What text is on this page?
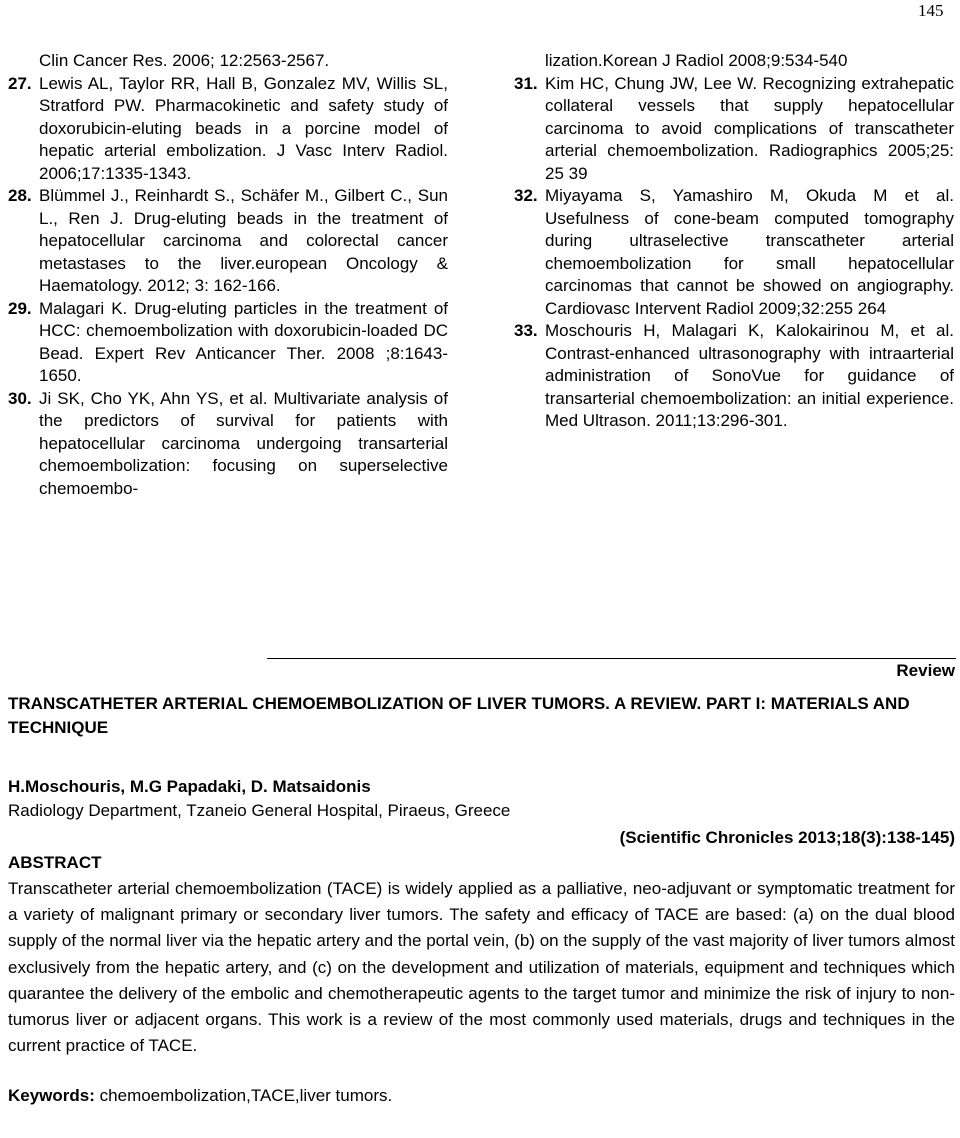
145

Clin Cancer Res. 2006; 12:2563-2567.

27. Lewis AL, Taylor RR, Hall B, Gonzalez MV, Willis SL, Stratford PW. Pharmacokinetic and safety study of doxorubicin-eluting beads in a porcine model of hepatic arterial embolization. J Vasc Interv Radiol. 2006;17:1335-1343.
28. Blümmel J., Reinhardt S., Schäfer M., Gilbert C., Sun L., Ren J. Drug-eluting beads in the treatment of hepatocellular carcinoma and colorectal cancer metastases to the liver.european Oncology & Haematology. 2012; 3: 162-166.
29. Malagari K. Drug-eluting particles in the treatment of HCC: chemoembolization with doxorubicin-loaded DC Bead. Expert Rev Anticancer Ther. 2008 ;8:1643-1650.
30. Ji SK, Cho YK, Ahn YS, et al. Multivariate analysis of the predictors of survival for patients with hepatocellular carcinoma undergoing transarterial chemoembolization: focusing on superselective chemoembo-

lization.Korean J Radiol 2008;9:534-540

31. Kim HC, Chung JW, Lee W. Recognizing extrahepatic collateral vessels that supply hepatocellular carcinoma to avoid complications of transcatheter arterial chemoembolization. Radiographics 2005;25: 25 39
32. Miyayama S, Yamashiro M, Okuda M et al. Usefulness of cone-beam computed tomography during ultraselective transcatheter arterial chemoembolization for small hepatocellular carcinomas that cannot be showed on angiography. Cardiovasc Intervent Radiol 2009;32:255 264
33. Moschouris H, Malagari K, Kalokairinou M, et al. Contrast-enhanced ultrasonography with intraarterial administration of SonoVue for guidance of transarterial chemoembolization: an initial experience. Med Ultrason. 2011;13:296-301.
Review
TRANSCATHETER ARTERIAL CHEMOEMBOLIZATION OF LIVER TUMORS. A REVIEW. PART I: MATERIALS AND TECHNIQUE
H.Moschouris, M.G Papadaki, D. Matsaidonis
Radiology Department, Tzaneio General Hospital, Piraeus, Greece
(Scientific Chronicles 2013;18(3):138-145)
ABSTRACT

Transcatheter arterial chemoembolization (TACE) is widely applied as a palliative, neo-adjuvant or symptomatic treatment for a variety of malignant primary or secondary liver tumors. The safety and efficacy of TACE are based: (a) on the dual blood supply of the normal liver via the hepatic artery and the portal vein, (b) on the supply of the vast majority of liver tumors almost exclusively from the hepatic artery, and (c) on the development and utilization of materials, equipment and techniques which quarantee the delivery of the embolic and chemotherapeutic agents to the target tumor and minimize the risk of injury to non-tumorus liver or adjacent organs. This work is a review of the most commonly used materials, drugs and techniques in the current practice of TACE.

Keywords: chemoembolization,TACE,liver tumors.
